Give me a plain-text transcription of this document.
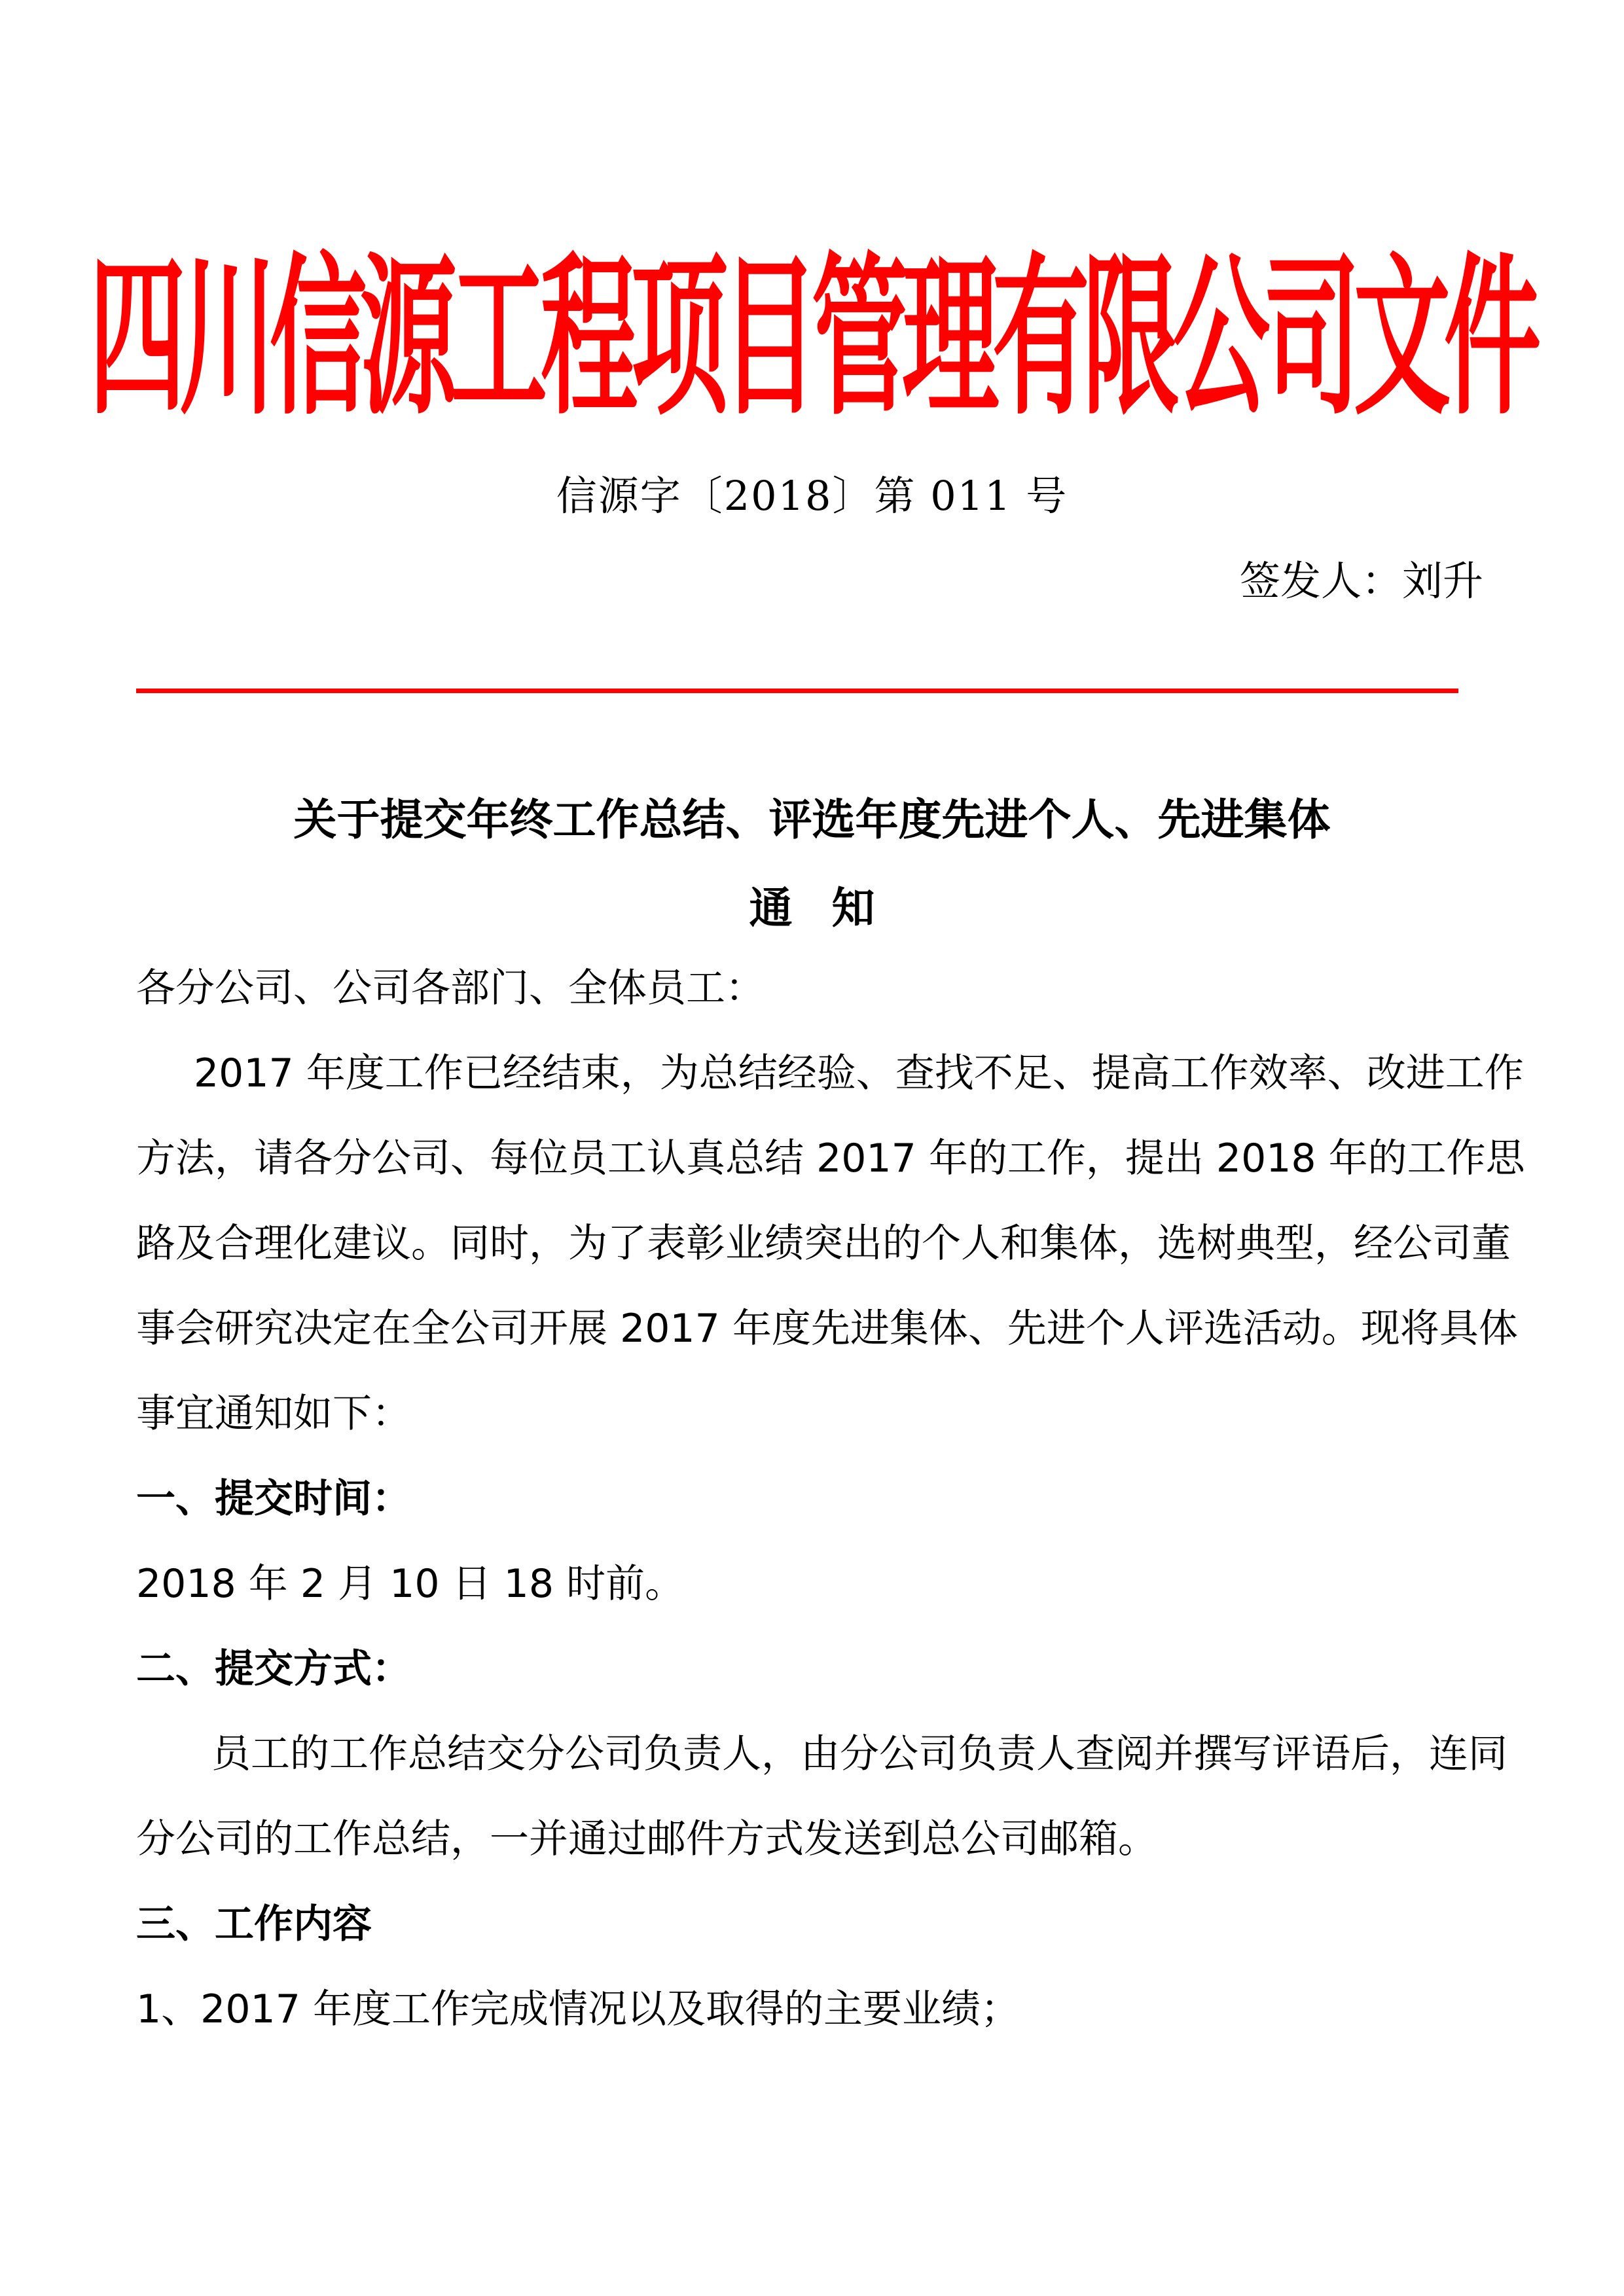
四川信源工程项目管理有限公司文件
信源字〔2018〕第 011 号
签发人：刘升
关于提交年终工作总结、评选年度先进个人、先进集体
通知
各分公司、公司各部门、全体员工：
2017 年度工作已经结束，为总结经验、查找不足、提高工作效率、改进工作
方法，请各分公司、每位员工认真总结 2017 年的工作，提出 2018 年的工作思
路及合理化建议。同时，为了表彰业绩突出的个人和集体，选树典型，经公司董
事会研究决定在全公司开展 2017 年度先进集体、先进个人评选活动。现将具体
事宜通知如下：
一、提交时间：
2018 年 2 月 10 日 18 时前。
二、提交方式：
员工的工作总结交分公司负责人，由分公司负责人查阅并撰写评语后，连同
分公司的工作总结，一并通过邮件方式发送到总公司邮箱。
三、工作内容
1、2017 年度工作完成情况以及取得的主要业绩；
